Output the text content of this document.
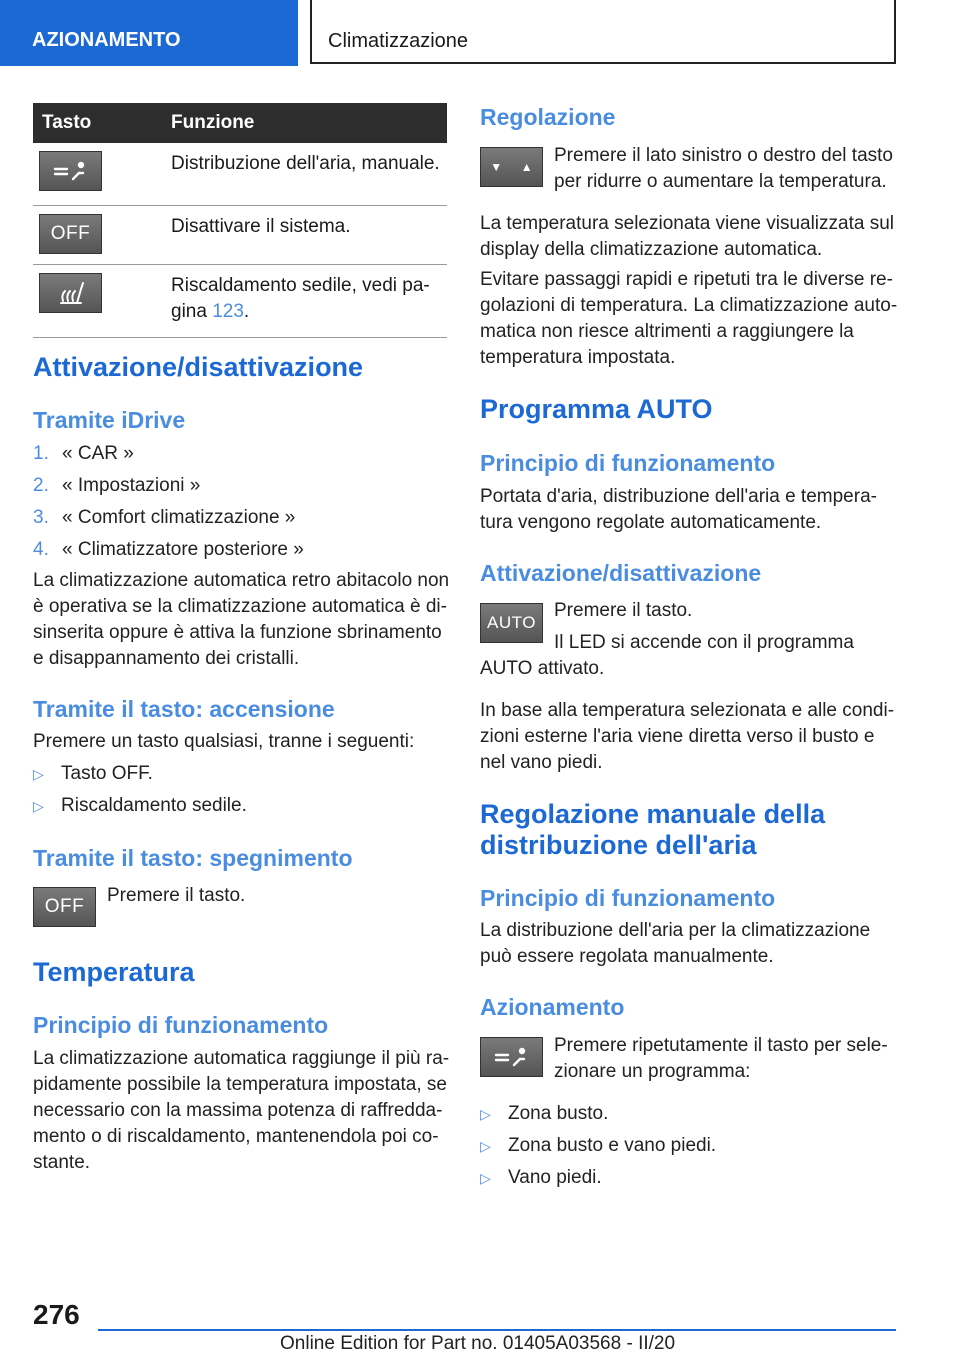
AZIONAMENTO	Climatizzazione
Tasto	Funzione

	Distribuzione dell'aria, manuale.

OFF	Disattivare il sistema.

	Riscaldamento sedile, vedi pa-gina 123.
Attivazione/disattivazione
Tramite iDrive
1. « CAR »
2. « Impostazioni »
3. « Comfort climatizzazione »
4. « Climatizzatore posteriore »
La climatizzazione automatica retro abitacolo non
è operativa se la climatizzazione automatica è di-
sinserita oppure è attiva la funzione sbrinamento
e disappannamento dei cristalli.
Tramite il tasto: accensione
Premere un tasto qualsiasi, tranne i seguenti:
▷ Tasto OFF.
▷ Riscaldamento sedile.
Tramite il tasto: spegnimento
OFF
Premere il tasto.
Temperatura
Principio di funzionamento
La climatizzazione automatica raggiunge il più ra-
pidamente possibile la temperatura impostata, se
necessario con la massima potenza di raffredda-
mento o di riscaldamento, mantenendola poi co-
stante.
Regolazione
▼ ▲
Premere il lato sinistro o destro del tasto
per ridurre o aumentare la temperatura.
La temperatura selezionata viene visualizzata sul
display della climatizzazione automatica.
Evitare passaggi rapidi e ripetuti tra le diverse re-
golazioni di temperatura. La climatizzazione auto-
matica non riesce altrimenti a raggiungere la
temperatura impostata.
Programma AUTO
Principio di funzionamento
Portata d'aria, distribuzione dell'aria e tempera-
tura vengono regolate automaticamente.
Attivazione/disattivazione
AUTO
Premere il tasto.
Il LED si accende con il programma
AUTO attivato.
In base alla temperatura selezionata e alle condi-
zioni esterne l'aria viene diretta verso il busto e
nel vano piedi.
Regolazione manuale della
distribuzione dell'aria
Principio di funzionamento
La distribuzione dell'aria per la climatizzazione
può essere regolata manualmente.
Azionamento
Premere ripetutamente il tasto per sele-
zionare un programma:
▷ Zona busto.
▷ Zona busto e vano piedi.
▷ Vano piedi.
276
Online Edition for Part no. 01405A03568 - II/20
